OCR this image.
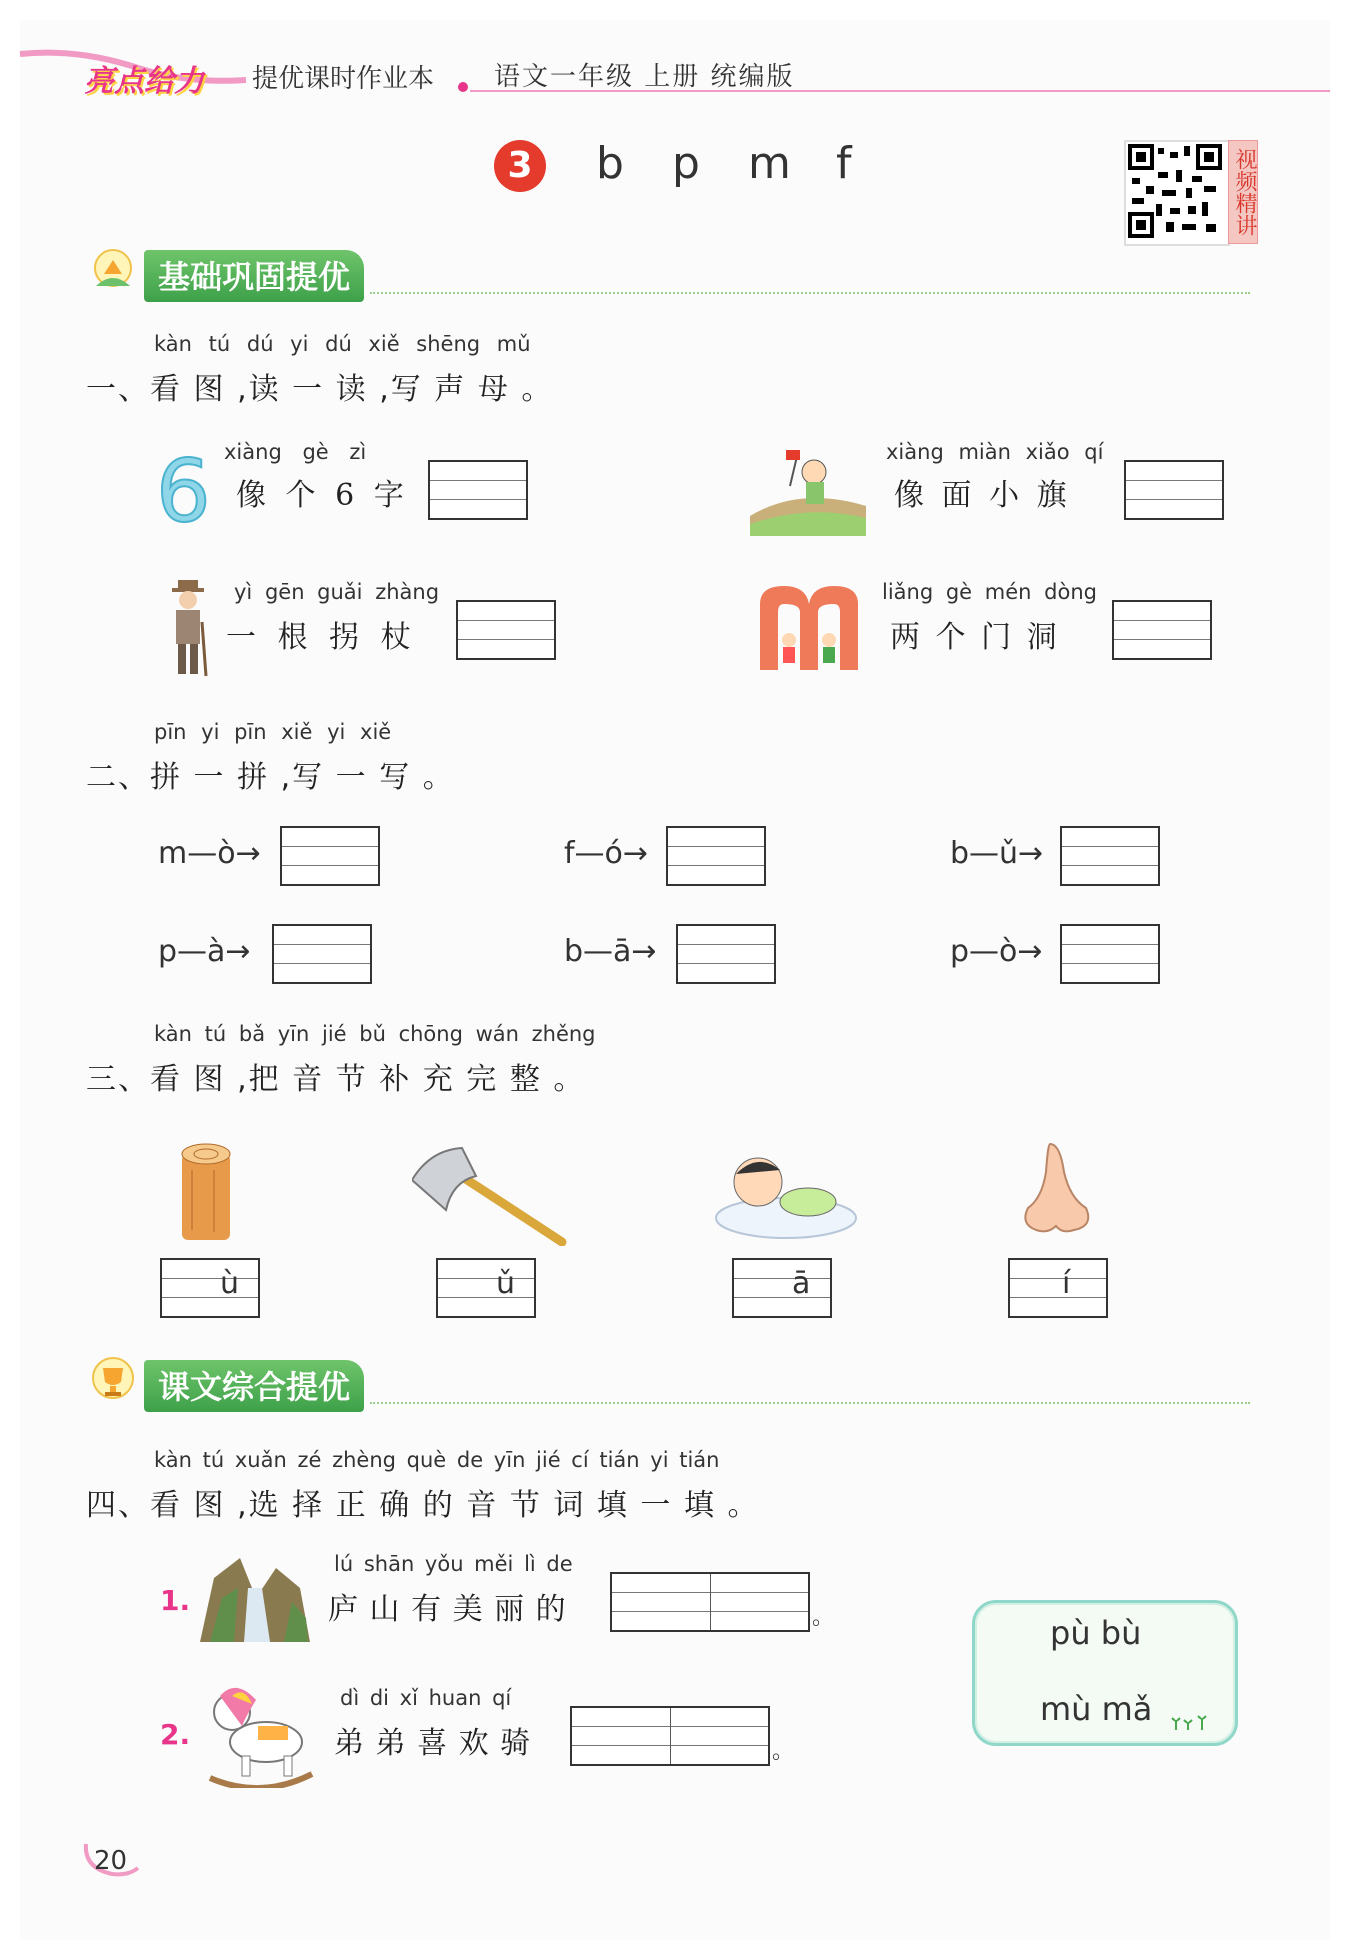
亮点给力 提优课时作业本 语文一年级 上册 统编版
3	b p m f	视频精讲
基础巩固提优
kàn tú dú yi dú xiě shēng mǔ
一、看 图 ,读 一 读 ,写 声 母 。
6 xiàng gè zì
像 个 6 字
xiàng miàn xiǎo qí
像 面 小 旗
yì gēn guǎi zhàng
一 根 拐 杖
liǎng gè mén dòng
两 个 门 洞
pīn yi pīn xiě yi xiě
二、拼 一 拼 ,写 一 写 。
m—ò→	f—ó→	b—ǔ→
p—à→	b—ā→	p—ò→
kàn tú bǎ yīn jié bǔ chōng wán zhěng
三、看 图 ,把 音 节 补 充 完 整 。
ù	ǔ	ā	í
课文综合提优
kàn tú xuǎn zé zhèng què de yīn jié cí tián yi tián
四、看 图 ,选 择 正 确 的 音 节 词 填 一 填 。
1.
lú shān yǒu měi lì de
庐 山 有 美 丽 的	。
2.
dì di xǐ huan qí
弟 弟 喜 欢 骑	。
pù bù
mù mǎ
20
